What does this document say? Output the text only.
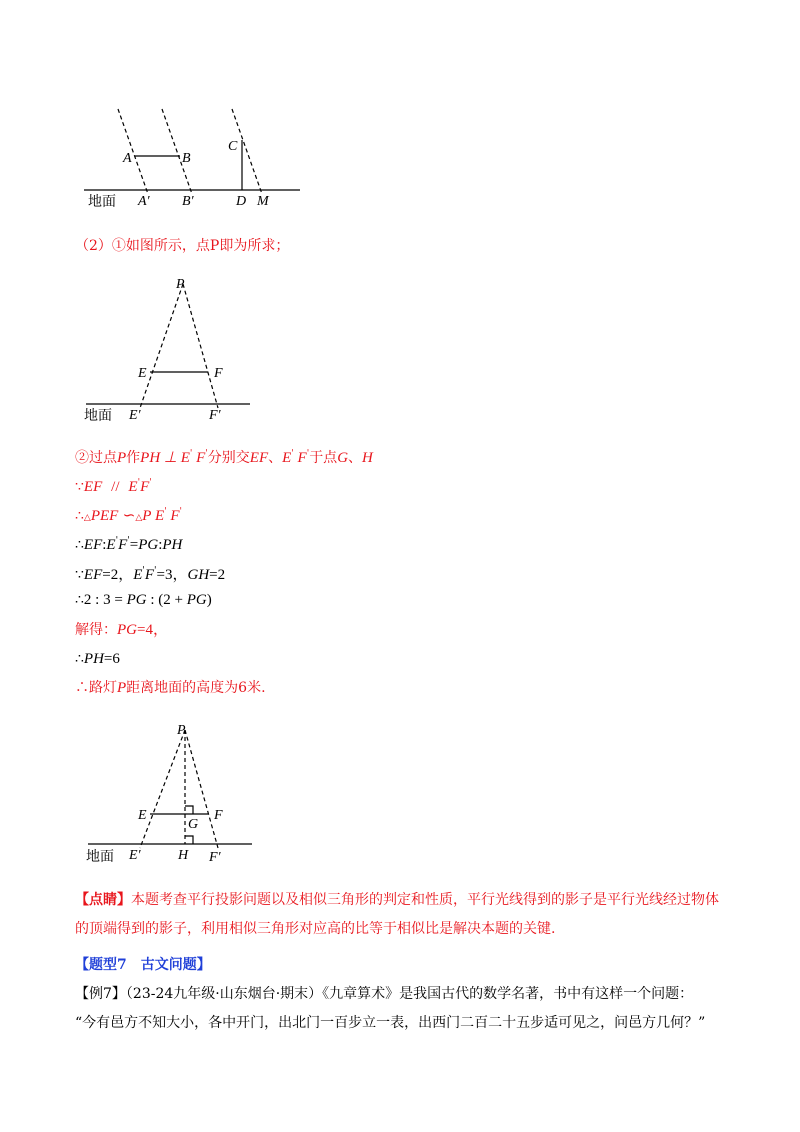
A	B
C
地面 A′ B′	D M
（2）①如图所示，点P即为所求；
P
E	F
地面 E′	F′
②过点P作PH ⊥ E' F'分别交EF、E' F'于点G、H
∵EF // E'F'
∴△PEF ∽△P E' F'
∴EF:E'F'=PG:PH
∵EF=2，E'F'=3，GH=2
∴2 : 3 = PG : (2 + PG)
解得：PG=4，
∴PH=6
∴路灯P距离地面的高度为6米.
P
E	F
G
地面 E′	H F′
【点睛】本题考查平行投影问题以及相似三角形的判定和性质，平行光线得到的影子是平行光线经过物体的顶端得到的影子，利用相似三角形对应高的比等于相似比是解决本题的关键.
【题型7　古文问题】
【例7】（23-24九年级·山东烟台·期末）《九章算术》是我国古代的数学名著，书中有这样一个问题：
“今有邑方不知大小，各中开门，出北门一百步立一表，出西门二百二十五步适可见之，问邑方几何？”
